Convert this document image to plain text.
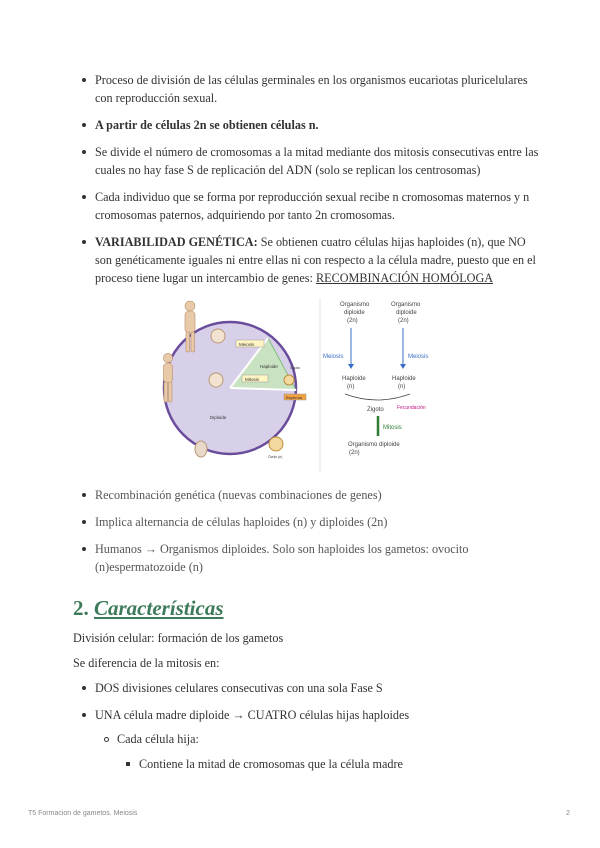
Proceso de división de las células germinales en los organismos eucariotas pluricelulares con reproducción sexual.
A partir de células 2n se obtienen células n.
Se divide el número de cromosomas a la mitad mediante dos mitosis consecutivas entre las cuales no hay fase S de replicación del ADN (solo se replican los centrosomas)
Cada individuo que se forma por reproducción sexual recibe n cromosomas maternos y n cromosomas paternos, adquiriendo por tanto 2n cromosomas.
VARIABILIDAD GENÉTICA: Se obtienen cuatro células hijas haploides (n), que NO son genéticamente iguales ni entre ellas ni con respecto a la célula madre, puesto que en el proceso tiene lugar un intercambio de genes: RECOMBINACIÓN HOMÓLOGA
Meiosis
Haploide
Mitosis
Esperma
Diploide
Cigoto
Óvulo (n)
Organismo
diploide
(2n)
Organismo
diploide
(2n)
Meiosis	Meiosis
Haploide
(n)
Haploide
(n)
Zigoto	Fecundación
Mitosis
Organismo diploide
(2n)
Recombinación genética (nuevas combinaciones de genes)
Implica alternancia de células haploides (n) y diploides (2n)
Humanos → Organismos diploides. Solo son haploides los gametos: ovocito (n)espermatozoide (n)
2. Características
División celular: formación de los gametos
Se diferencia de la mitosis en:
DOS divisiones celulares consecutivas con una sola Fase S
UNA célula madre diploide → CUATRO células hijas haploides
Cada célula hija:
Contiene la mitad de cromosomas que la célula madre
T5 Formacion de gametos. Meiosis	2
